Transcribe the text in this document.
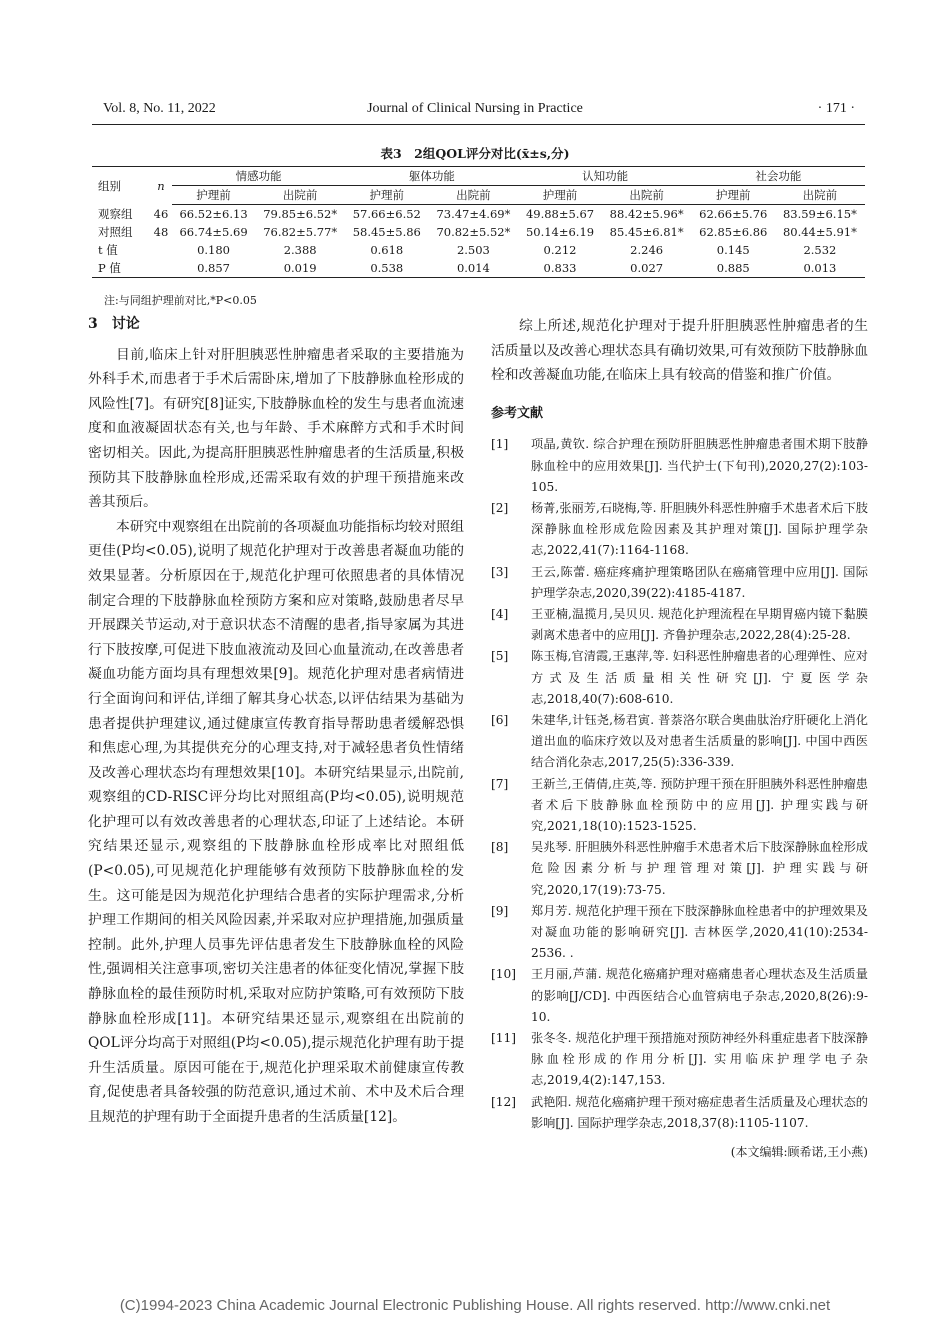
Vol. 8, No. 11, 2022	Journal of Clinical Nursing in Practice	· 171 ·
表3　2组QOL评分对比(x̄±s,分)
组别	n	情感功能		躯体功能		认知功能		社会功能	
		护理前	出院前	护理前	出院前	护理前	出院前	护理前	出院前
观察组	46	66.52±6.13	79.85±6.52*	57.66±6.52	73.47±4.69*	49.88±5.67	88.42±5.96*	62.66±5.76	83.59±6.15*
对照组	48	66.74±5.69	76.82±5.77*	58.45±5.86	70.82±5.52*	50.14±6.19	85.45±6.81*	62.85±6.86	80.44±5.91*
t 值		0.180	2.388	0.618	2.503	0.212	2.246	0.145	2.532
P 值		0.857	0.019	0.538	0.014	0.833	0.027	0.885	0.013
注:与同组护理前对比,*P<0.05
3　讨论

目前,临床上针对肝胆胰恶性肿瘤患者采取的主要措施为外科手术,而患者于手术后需卧床,增加了下肢静脉血栓形成的风险性[7]。有研究[8]证实,下肢静脉血栓的发生与患者血流速度和血液凝固状态有关,也与年龄、手术麻醉方式和手术时间密切相关。因此,为提高肝胆胰恶性肿瘤患者的生活质量,积极预防其下肢静脉血栓形成,还需采取有效的护理干预措施来改善其预后。

本研究中观察组在出院前的各项凝血功能指标均较对照组更佳(P均<0.05),说明了规范化护理对于改善患者凝血功能的效果显著。分析原因在于,规范化护理可依照患者的具体情况制定合理的下肢静脉血栓预防方案和应对策略,鼓励患者尽早开展踝关节运动,对于意识状态不清醒的患者,指导家属为其进行下肢按摩,可促进下肢血液流动及回心血量流动,在改善患者凝血功能方面均具有理想效果[9]。规范化护理对患者病情进行全面询问和评估,详细了解其身心状态,以评估结果为基础为患者提供护理建议,通过健康宣传教育指导帮助患者缓解恐惧和焦虑心理,为其提供充分的心理支持,对于减轻患者负性情绪及改善心理状态均有理想效果[10]。本研究结果显示,出院前,观察组的CD-RISC评分均比对照组高(P均<0.05),说明规范化护理可以有效改善患者的心理状态,印证了上述结论。本研究结果还显示,观察组的下肢静脉血栓形成率比对照组低(P<0.05),可见规范化护理能够有效预防下肢静脉血栓的发生。这可能是因为规范化护理结合患者的实际护理需求,分析护理工作期间的相关风险因素,并采取对应护理措施,加强质量控制。此外,护理人员事先评估患者发生下肢静脉血栓的风险性,强调相关注意事项,密切关注患者的体征变化情况,掌握下肢静脉血栓的最佳预防时机,采取对应防护策略,可有效预防下肢静脉血栓形成[11]。本研究结果还显示,观察组在出院前的QOL评分均高于对照组(P均<0.05),提示规范化护理有助于提升生活质量。原因可能在于,规范化护理采取术前健康宣传教育,促使患者具备较强的防范意识,通过术前、术中及术后合理且规范的护理有助于全面提升患者的生活质量[12]。

综上所述,规范化护理对于提升肝胆胰恶性肿瘤患者的生活质量以及改善心理状态具有确切效果,可有效预防下肢静脉血栓和改善凝血功能,在临床上具有较高的借鉴和推广价值。

参考文献
[1]	项晶,黄钦. 综合护理在预防肝胆胰恶性肿瘤患者围术期下肢静脉血栓中的应用效果[J]. 当代护士(下旬刊),2020,27(2):103-105.
[2]	杨菁,张丽芳,石晓梅,等. 肝胆胰外科恶性肿瘤手术患者术后下肢深静脉血栓形成危险因素及其护理对策[J]. 国际护理学杂志,2022,41(7):1164-1168.
[3]	王云,陈蕾. 癌症疼痛护理策略团队在癌痛管理中应用[J]. 国际护理学杂志,2020,39(22):4185-4187.
[4]	王亚楠,温揽月,吴贝贝. 规范化护理流程在早期胃癌内镜下黏膜剥离术患者中的应用[J]. 齐鲁护理杂志,2022,28(4):25-28.
[5]	陈玉梅,官清霞,王惠萍,等. 妇科恶性肿瘤患者的心理弹性、应对方式及生活质量相关性研究[J]. 宁夏医学杂志,2018,40(7):608-610.
[6]	朱建华,计钰尧,杨君寅. 普萘洛尔联合奥曲肽治疗肝硬化上消化道出血的临床疗效以及对患者生活质量的影响[J]. 中国中西医结合消化杂志,2017,25(5):336-339.
[7]	王新兰,王倩倩,庄英,等. 预防护理干预在肝胆胰外科恶性肿瘤患者术后下肢静脉血栓预防中的应用[J]. 护理实践与研究,2021,18(10):1523-1525.
[8]	吴兆琴. 肝胆胰外科恶性肿瘤手术患者术后下肢深静脉血栓形成危险因素分析与护理管理对策[J]. 护理实践与研究,2020,17(19):73-75.
[9]	郑月芳. 规范化护理干预在下肢深静脉血栓患者中的护理效果及对凝血功能的影响研究[J]. 吉林医学,2020,41(10):2534-2536. .
[10]	王月丽,芦蒲. 规范化癌痛护理对癌痛患者心理状态及生活质量的影响[J/CD]. 中西医结合心血管病电子杂志,2020,8(26):9-10.
[11]	张冬冬. 规范化护理干预措施对预防神经外科重症患者下肢深静脉血栓形成的作用分析[J]. 实用临床护理学电子杂志,2019,4(2):147,153.
[12]	武艳阳. 规范化癌痛护理干预对癌症患者生活质量及心理状态的影响[J]. 国际护理学杂志,2018,37(8):1105-1107.
(本文编辑:顾希诺,王小燕)
(C)1994-2023 China Academic Journal Electronic Publishing House. All rights reserved. http://www.cnki.net
